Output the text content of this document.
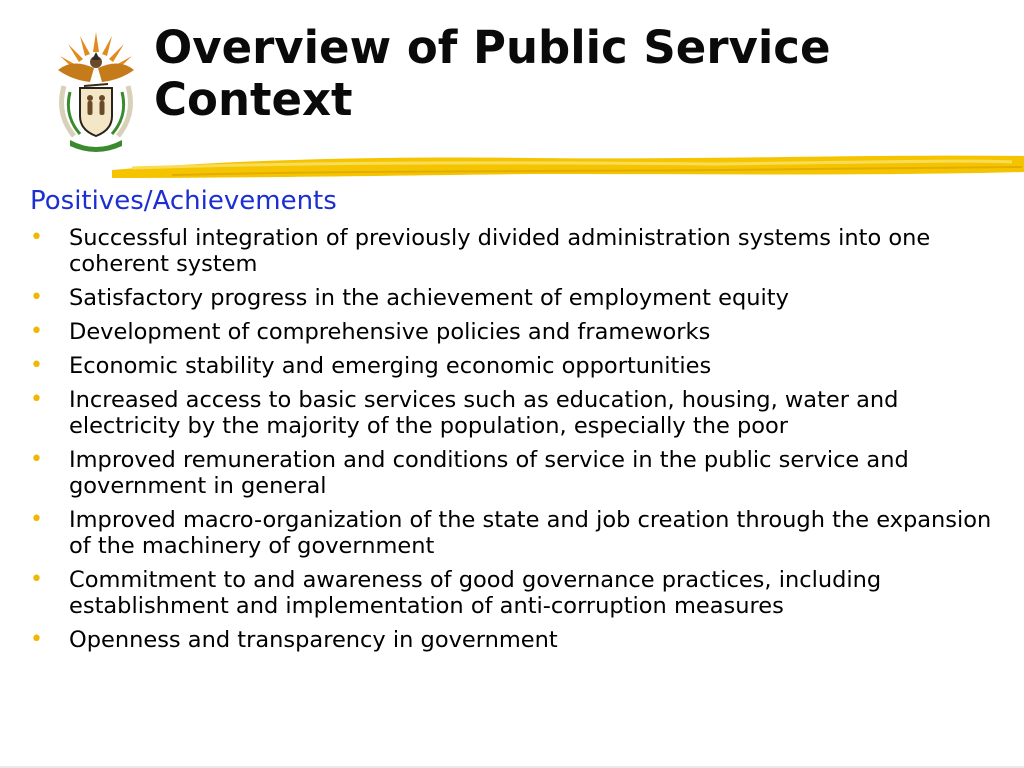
Overview of Public Service
Context
Positives/Achievements
• Successful integration of previously divided administration systems into one coherent system
• Satisfactory progress in the achievement of employment equity
• Development of comprehensive policies and frameworks
• Economic stability and emerging economic opportunities
• Increased access to basic services such as education, housing, water and electricity by the majority of the population, especially the poor
• Improved remuneration and conditions of service in the public service and government in general
• Improved macro-organization of the state and job creation through the expansion of the machinery of government
• Commitment to and awareness of good governance practices, including establishment and implementation of anti-corruption measures
• Openness and transparency in government
